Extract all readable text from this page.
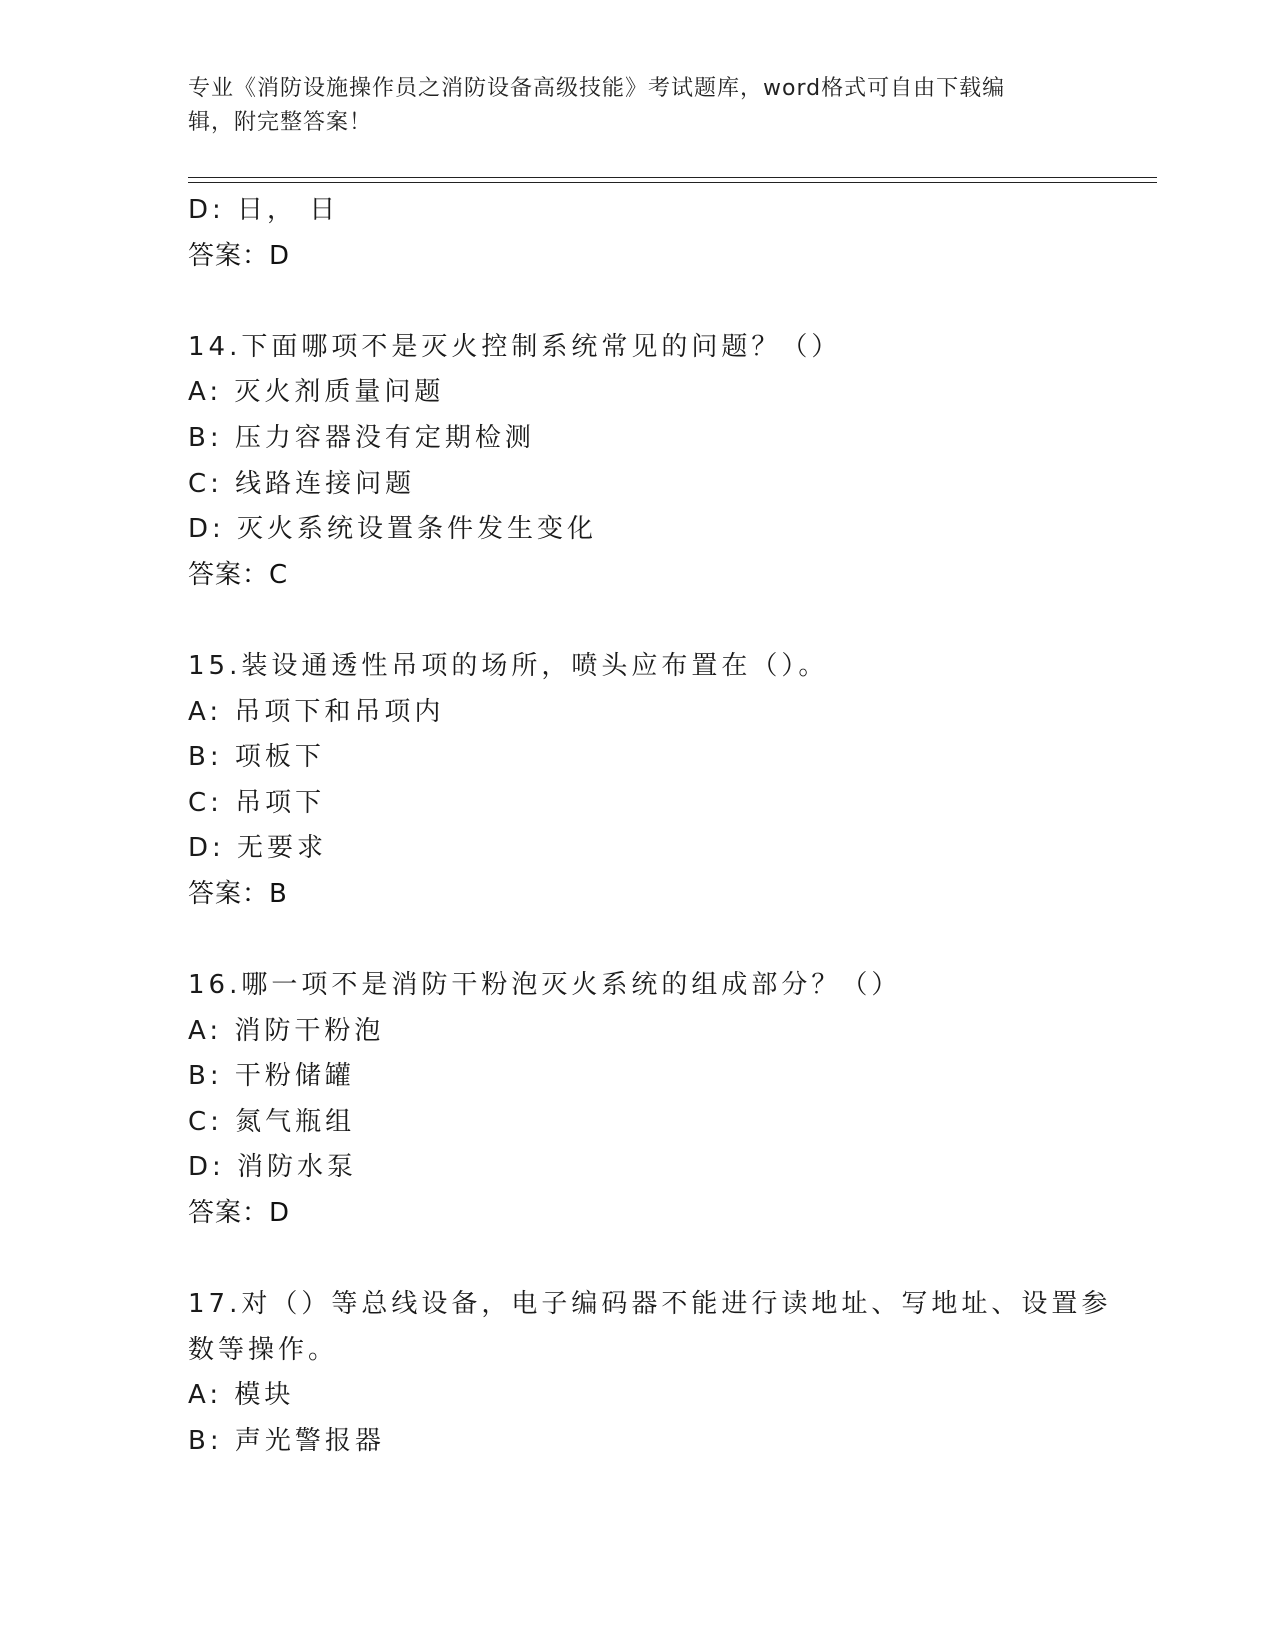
专业《消防设施操作员之消防设备高级技能》考试题库，word格式可自由下载编
辑，附完整答案！
D: 日， 日
答案：D
14.下面哪项不是灭火控制系统常见的问题？（）
A: 灭火剂质量问题
B: 压力容器没有定期检测
C: 线路连接问题
D: 灭火系统设置条件发生变化
答案：C
15.装设通透性吊项的场所，喷头应布置在（）。
A: 吊项下和吊项内
B: 项板下
C: 吊项下
D: 无要求
答案：B
16.哪一项不是消防干粉泡灭火系统的组成部分？（）
A: 消防干粉泡
B: 干粉储罐
C: 氮气瓶组
D: 消防水泵
答案：D
17.对（）等总线设备，电子编码器不能进行读地址、写地址、设置参
数等操作。
A: 模块
B: 声光警报器
